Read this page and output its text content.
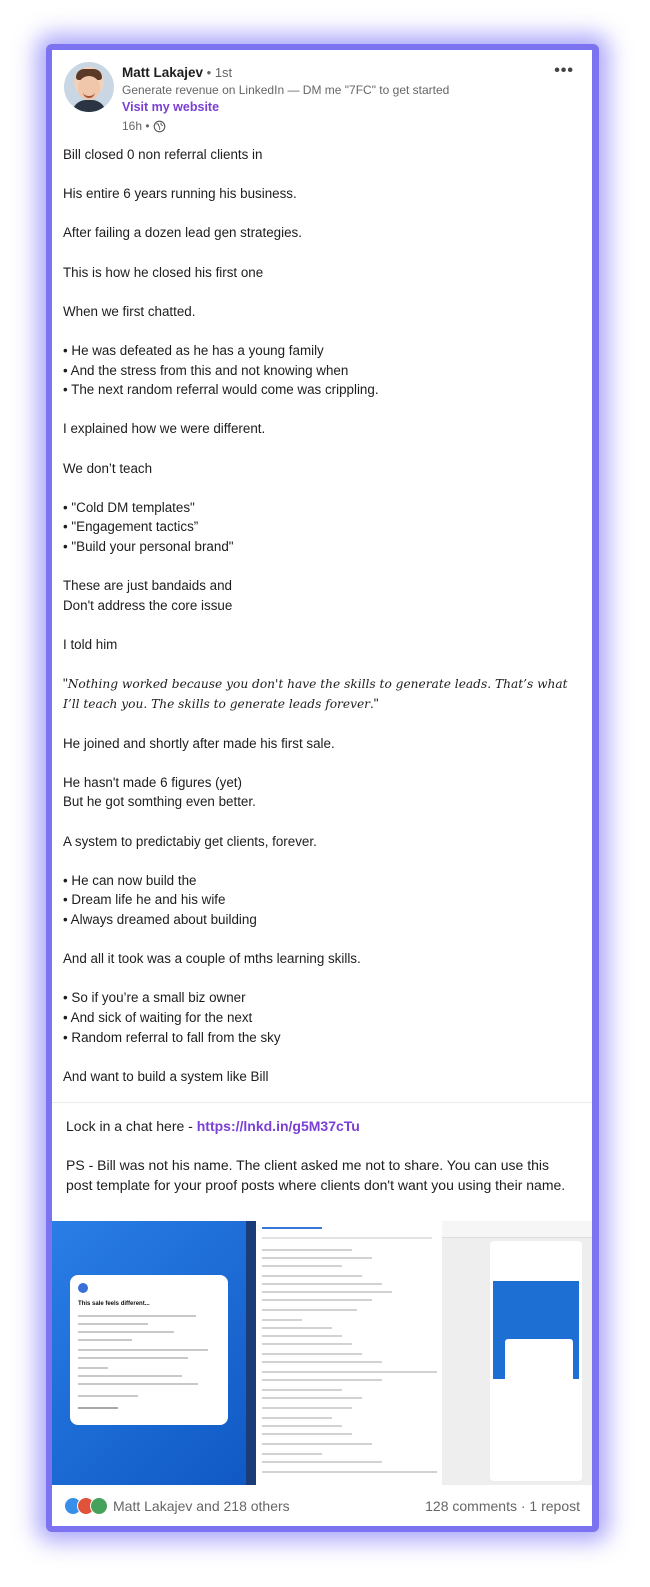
Matt Lakajev • 1st
Generate revenue on LinkedIn — DM me "7FC" to get started
Visit my website
16h •
•••

Bill closed 0 non referral clients in

His entire 6 years running his business.

After failing a dozen lead gen strategies.

This is how he closed his first one

When we first chatted.

• He was defeated as he has a young family

• And the stress from this and not knowing when

• The next random referral would come was crippling.

I explained how we were different.

We don’t teach

• "Cold DM templates"

• "Engagement tactics”

• "Build your personal brand"

These are just bandaids and

Don't address the core issue

I told him

"Nothing worked because you don't have the skills to generate leads. That’s what I’ll teach you. The skills to generate leads forever."

He joined and shortly after made his first sale.

He hasn't made 6 figures (yet)

But he got somthing even better.

A system to predictabiy get clients, forever.

• He can now build the

• Dream life he and his wife

• Always dreamed about building

And all it took was a couple of mths learning skills.

• So if you’re a small biz owner

• And sick of waiting for the next

• Random referral to fall from the sky

And want to build a system like Bill

Lock in a chat here - https://lnkd.in/g5M37cTu
PS - Bill was not his name. The client asked me not to share. You can use this post template for your proof posts where clients don't want you using their name.
This sale feels different...
Matt Lakajev and 218 others	128 comments · 1 repost
